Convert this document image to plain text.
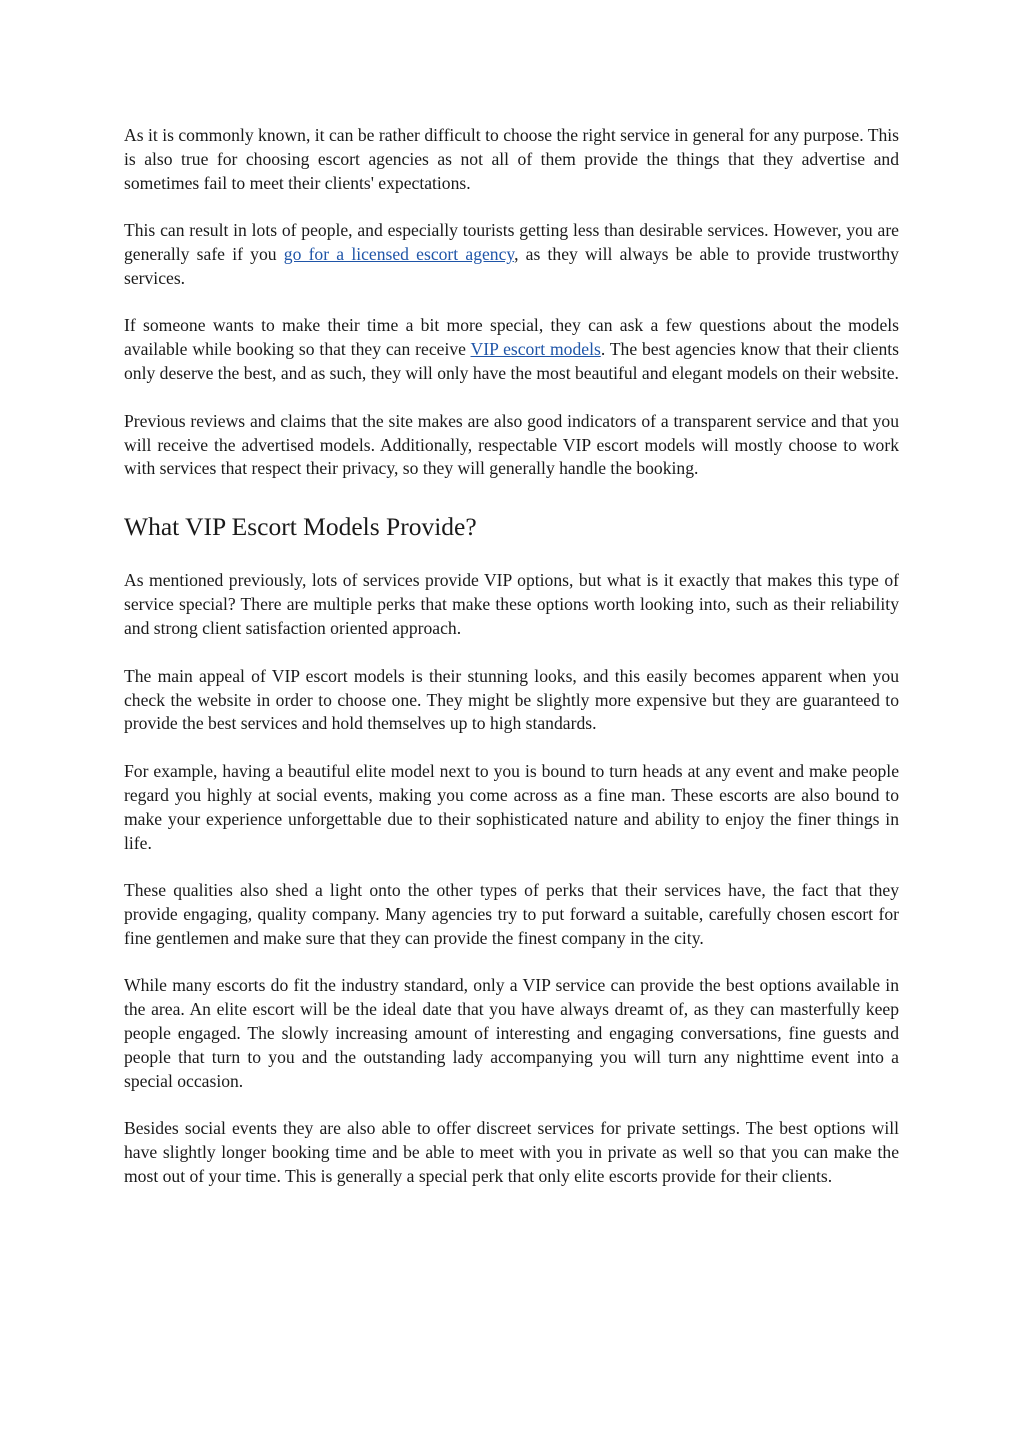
As it is commonly known, it can be rather difficult to choose the right service in general for any purpose. This is also true for choosing escort agencies as not all of them provide the things that they advertise and sometimes fail to meet their clients' expectations.

This can result in lots of people, and especially tourists getting less than desirable services. However, you are generally safe if you go for a licensed escort agency, as they will always be able to provide trustworthy services.

If someone wants to make their time a bit more special, they can ask a few questions about the models available while booking so that they can receive VIP escort models. The best agencies know that their clients only deserve the best, and as such, they will only have the most beautiful and elegant models on their website.

Previous reviews and claims that the site makes are also good indicators of a transparent service and that you will receive the advertised models. Additionally, respectable VIP escort models will mostly choose to work with services that respect their privacy, so they will generally handle the booking.

What VIP Escort Models Provide?

As mentioned previously, lots of services provide VIP options, but what is it exactly that makes this type of service special? There are multiple perks that make these options worth looking into, such as their reliability and strong client satisfaction oriented approach.

The main appeal of VIP escort models is their stunning looks, and this easily becomes apparent when you check the website in order to choose one. They might be slightly more expensive but they are guaranteed to provide the best services and hold themselves up to high standards.

For example, having a beautiful elite model next to you is bound to turn heads at any event and make people regard you highly at social events, making you come across as a fine man. These escorts are also bound to make your experience unforgettable due to their sophisticated nature and ability to enjoy the finer things in life.

These qualities also shed a light onto the other types of perks that their services have, the fact that they provide engaging, quality company. Many agencies try to put forward a suitable, carefully chosen escort for fine gentlemen and make sure that they can provide the finest company in the city.

While many escorts do fit the industry standard, only a VIP service can provide the best options available in the area. An elite escort will be the ideal date that you have always dreamt of, as they can masterfully keep people engaged. The slowly increasing amount of interesting and engaging conversations, fine guests and people that turn to you and the outstanding lady accompanying you will turn any nighttime event into a special occasion.

Besides social events they are also able to offer discreet services for private settings. The best options will have slightly longer booking time and be able to meet with you in private as well so that you can make the most out of your time. This is generally a special perk that only elite escorts provide for their clients.
